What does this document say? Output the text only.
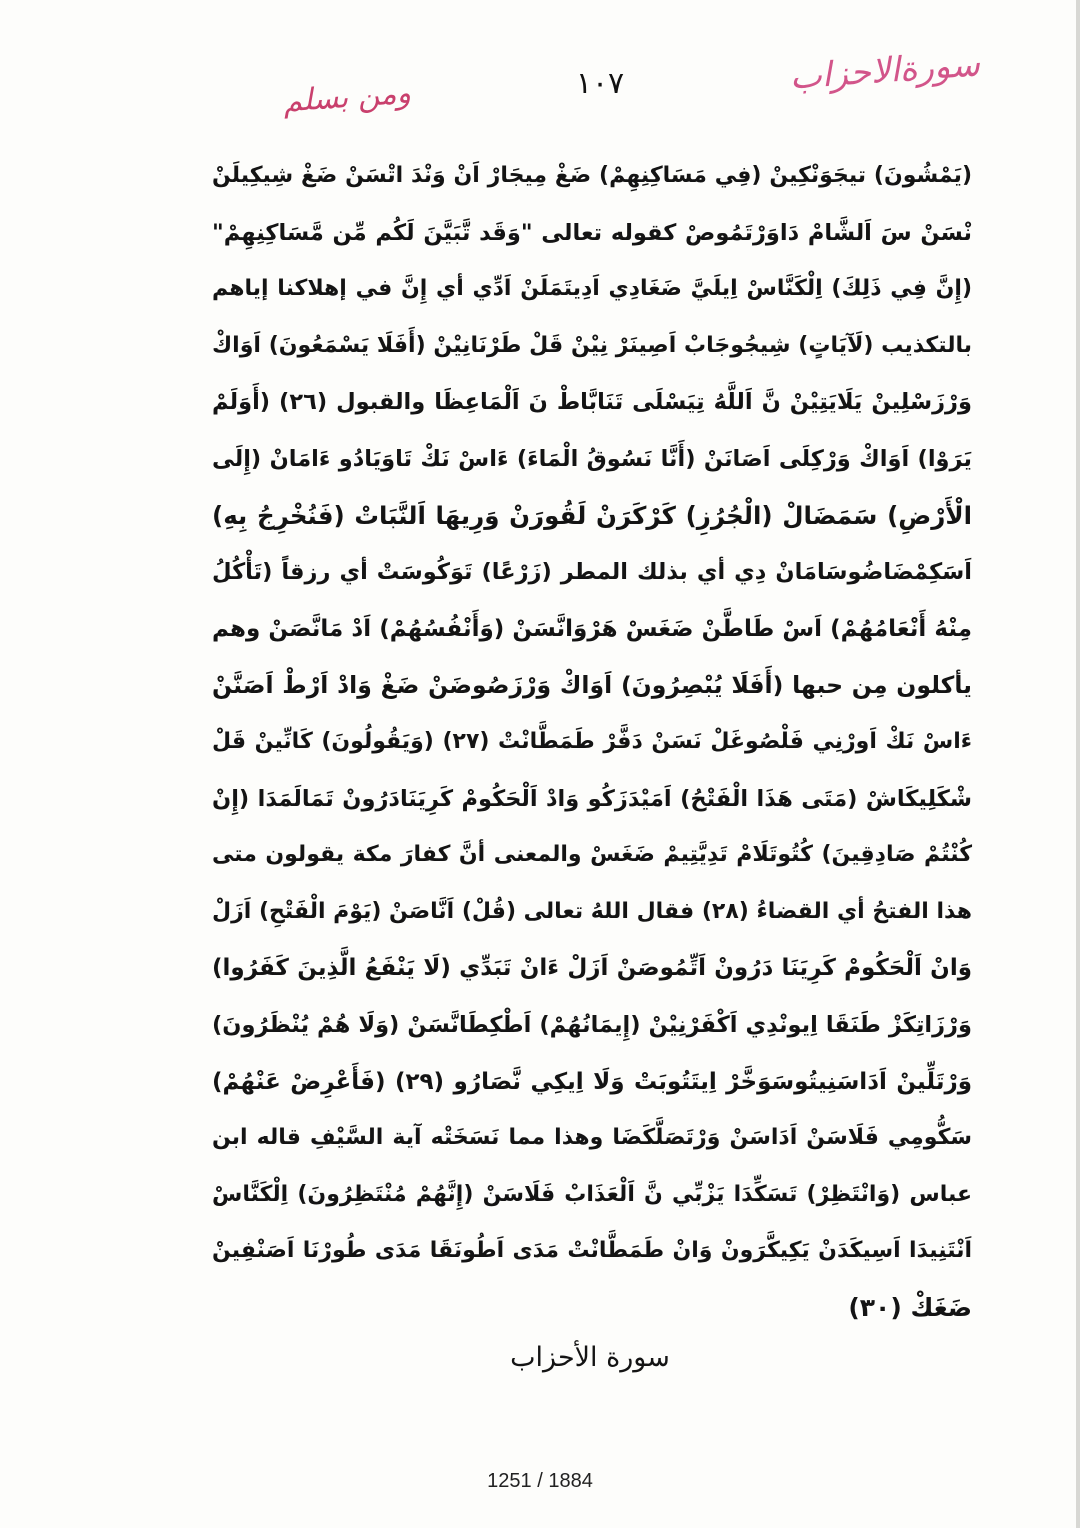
سورةالاحزاب
١٠٧
ومن بسلم
(يَمْشُونَ) تيجَوَنْكِينْ (فِي مَسَاكِنِهِمْ) ضَغْ مِيجَارْ اَنْ وَنْدَ اتْسَنْ ضَغْ شِيكِيلَنْ
نْسَنْ سَ اَلشَّامْ دَاوَرْتَمُوصْ كقوله تعالى "وَقَد تَّبَيَّنَ لَكُم مِّن مَّسَاكِنِهِمْ"
(إِنَّ فِي ذَلِكَ) اِلْكَنَّاسْ اِيلَيَّ ضَغَادِي اَدِيتَمَلَنْ اَدِّي أي إِنَّ في إهلاكنا إياهم
بالتكذيب (لَآيَاتٍ) شِيجُوجَابْ اَصِينَرْ نِيْنْ قَلْ طَرْنَانِيْنْ (أَفَلَا يَسْمَعُونَ) اَوَاكْ
وَرْزَسْلِينْ يَلَايَتِيْنْ نَّ اَللَّهُ تِيَسْلَى تَنَابَّاطْ نَ اَلْمَاعِظَا والقبول (٢٦) (أَوَلَمْ
يَرَوْا) اَوَاكْ وَرْكِلَى اَصَانَنْ (أَنَّا نَسُوقُ الْمَاءَ) ءَاسْ نَكْ تَاوَيَادُو ءَامَانْ (إِلَى
الْأَرْضِ) سَمَضَالْ (الْجُرُزِ) كَرْكَرَنْ لَقُورَنْ وَرِيهَا اَلنَّبَاتْ (فَنُخْرِجُ بِهِ)
اَسَكِمْضَاضُوسَامَانْ دِي أي بذلك المطر (زَرْعًا) تَوَكُوسَتْ أي رزقاً (تَأْكُلُ
مِنْهُ أَنْعَامُهُمْ) اَسْ طَاطَّنْ ضَغَسْ هَرْوَانَّسَنْ (وَأَنْفُسُهُمْ) اَدْ مَانَّصَنْ وهم
يأكلون مِن حبها (أَفَلَا يُبْصِرُونَ) اَوَاكْ وَرْزَصُوضَنْ ضَغْ وَادْ اَرْطْ اَصَنَّنْ
ءَاسْ نَكْ اَورْنِي فَلْصُوغَلْ نَسَنْ دَفَّرْ طَمَطَّانْتْ (٢٧) (وَيَقُولُونَ) كَانِّينْ قَلْ
شْكَلِيكَاشْ (مَتَى هَذَا الْفَتْحُ) اَمَيْدَزَكُو وَادْ اَلْحَكُومْ كَرِيَنَادَرُونْ تَمَالَمَدَا (إِنْ
كُنْتُمْ صَادِقِينَ) كُتُوتَلَامْ تَدِيَّتِيمْ ضَغَسْ والمعنى أنَّ كفارَ مكة يقولون متى
هذا الفتحُ أي القضاءُ (٢٨) فقال اللهُ تعالى (قُلْ) اَنَّاصَنْ (يَوْمَ الْفَتْحِ) اَزَلْ
وَانْ اَلْحَكُومْ كَرِيَنَا دَرُونْ اَتِّمُوصَنْ اَزَلْ ءَانْ تَبَدِّي (لَا يَنْفَعُ الَّذِينَ كَفَرُوا)
وَرْزَاتِكَزْ طَنَقَا اِيونْدِي اَكْفَرْنِيْنْ (إِيمَانُهُمْ) اَطْكِطَانَّسَنْ (وَلَا هُمْ يُنْظَرُونَ)
وَرْتَلِّينْ اَدَاسَنِيتُوسَوَخَّرْ اِيتَتُوبَتْ وَلَا اِيكِي نَّصَارُو (٢٩) (فَأَعْرِضْ عَنْهُمْ)
سَكُّومِي فَلَاسَنْ اَدَاسَنْ وَرْتَصَلَّكَضَا وهذا مما نَسَخَتْه آية السَّيْفِ قاله ابن
عباس (وَانْتَظِرْ) تَسَكِّدَا يَزْبِّي نَّ اَلْعَذَابْ فَلَاسَنْ (إِنَّهُمْ مُنْتَظِرُونَ) اِلْكَنَّاسْ
اَنْتَنِيدَا اَسِيكَدَنْ يَكِيكَّرَونْ وَانْ طَمَطَّانْتْ مَدَى اَطُونَقَا مَدَى طُورْنَا اَصَنْفِينْ
ضَغَكْ (٣٠)
سورة الأحزاب
1251 / 1884
